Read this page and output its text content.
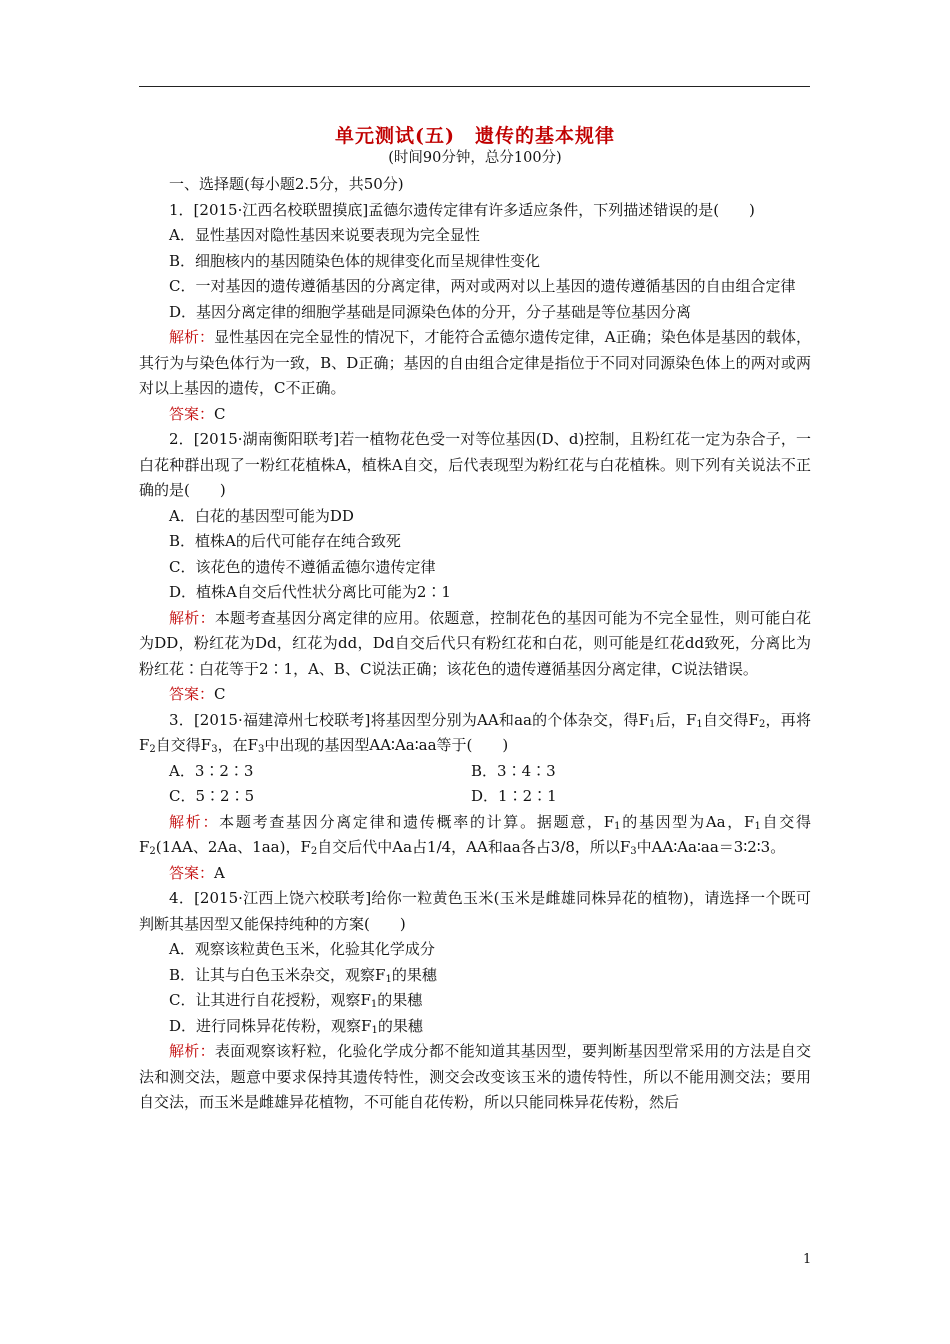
单元测试(五)　 遗传的基本规律
(时间90分钟，总分100分)

一、选择题(每小题2.5分，共50分)

1．[2015·江西名校联盟摸底]孟德尔遗传定律有许多适应条件，下列描述错误的是(　　)

A．显性基因对隐性基因来说要表现为完全显性

B．细胞核内的基因随染色体的规律变化而呈规律性变化

C．一对基因的遗传遵循基因的分离定律，两对或两对以上基因的遗传遵循基因的自由组合定律

D．基因分离定律的细胞学基础是同源染色体的分开，分子基础是等位基因分离

解析：显性基因在完全显性的情况下，才能符合孟德尔遗传定律，A正确；染色体是基因的载体，其行为与染色体行为一致，B、D正确；基因的自由组合定律是指位于不同对同源染色体上的两对或两对以上基因的遗传，C不正确。

答案：C

2．[2015·湖南衡阳联考]若一植物花色受一对等位基因(D、d)控制，且粉红花一定为杂合子，一白花种群出现了一粉红花植株A，植株A自交，后代表现型为粉红花与白花植株。则下列有关说法不正确的是(　　)

A．白花的基因型可能为DD

B．植株A的后代可能存在纯合致死

C．该花色的遗传不遵循孟德尔遗传定律

D．植株A自交后代性状分离比可能为2∶1

解析：本题考查基因分离定律的应用。依题意，控制花色的基因可能为不完全显性，则可能白花为DD，粉红花为Dd，红花为dd，Dd自交后代只有粉红花和白花，则可能是红花dd致死，分离比为粉红花∶白花等于2∶1，A、B、C说法正确；该花色的遗传遵循基因分离定律，C说法错误。

答案：C

3．[2015·福建漳州七校联考]将基因型分别为AA和aa的个体杂交，得$F_1$后，$F_1$自交得$F_2$，再将$F_2$自交得$F_3$，在$F_3$中出现的基因型AA∶Aa∶aa等于(　　)

A．3∶2∶3	B．3∶4∶3
C．5∶2∶5	D．1∶2∶1

解析：本题考查基因分离定律和遗传概率的计算。据题意，$F_1$的基因型为Aa，$F_1$自交得$F_2(1AA$、2Aa、1aa)，$F_2$自交后代中Aa占1/4，AA和aa各占3/8，所以$F_3$中AA∶Aa∶aa＝3∶2∶3。

答案：A

4．[2015·江西上饶六校联考]给你一粒黄色玉米(玉米是雌雄同株异花的植物)，请选择一个既可判断其基因型又能保持纯种的方案(　　)

A．观察该粒黄色玉米，化验其化学成分

B．让其与白色玉米杂交，观察$F_1$的果穗

C．让其进行自花授粉，观察$F_1$的果穗

D．进行同株异花传粉，观察$F_1$的果穗

解析：表面观察该籽粒，化验化学成分都不能知道其基因型，要判断基因型常采用的方法是自交法和测交法，题意中要求保持其遗传特性，测交会改变该玉米的遗传特性，所以不能用测交法；要用自交法，而玉米是雌雄异花植物，不可能自花传粉，所以只能同株异花传粉，然后

1
